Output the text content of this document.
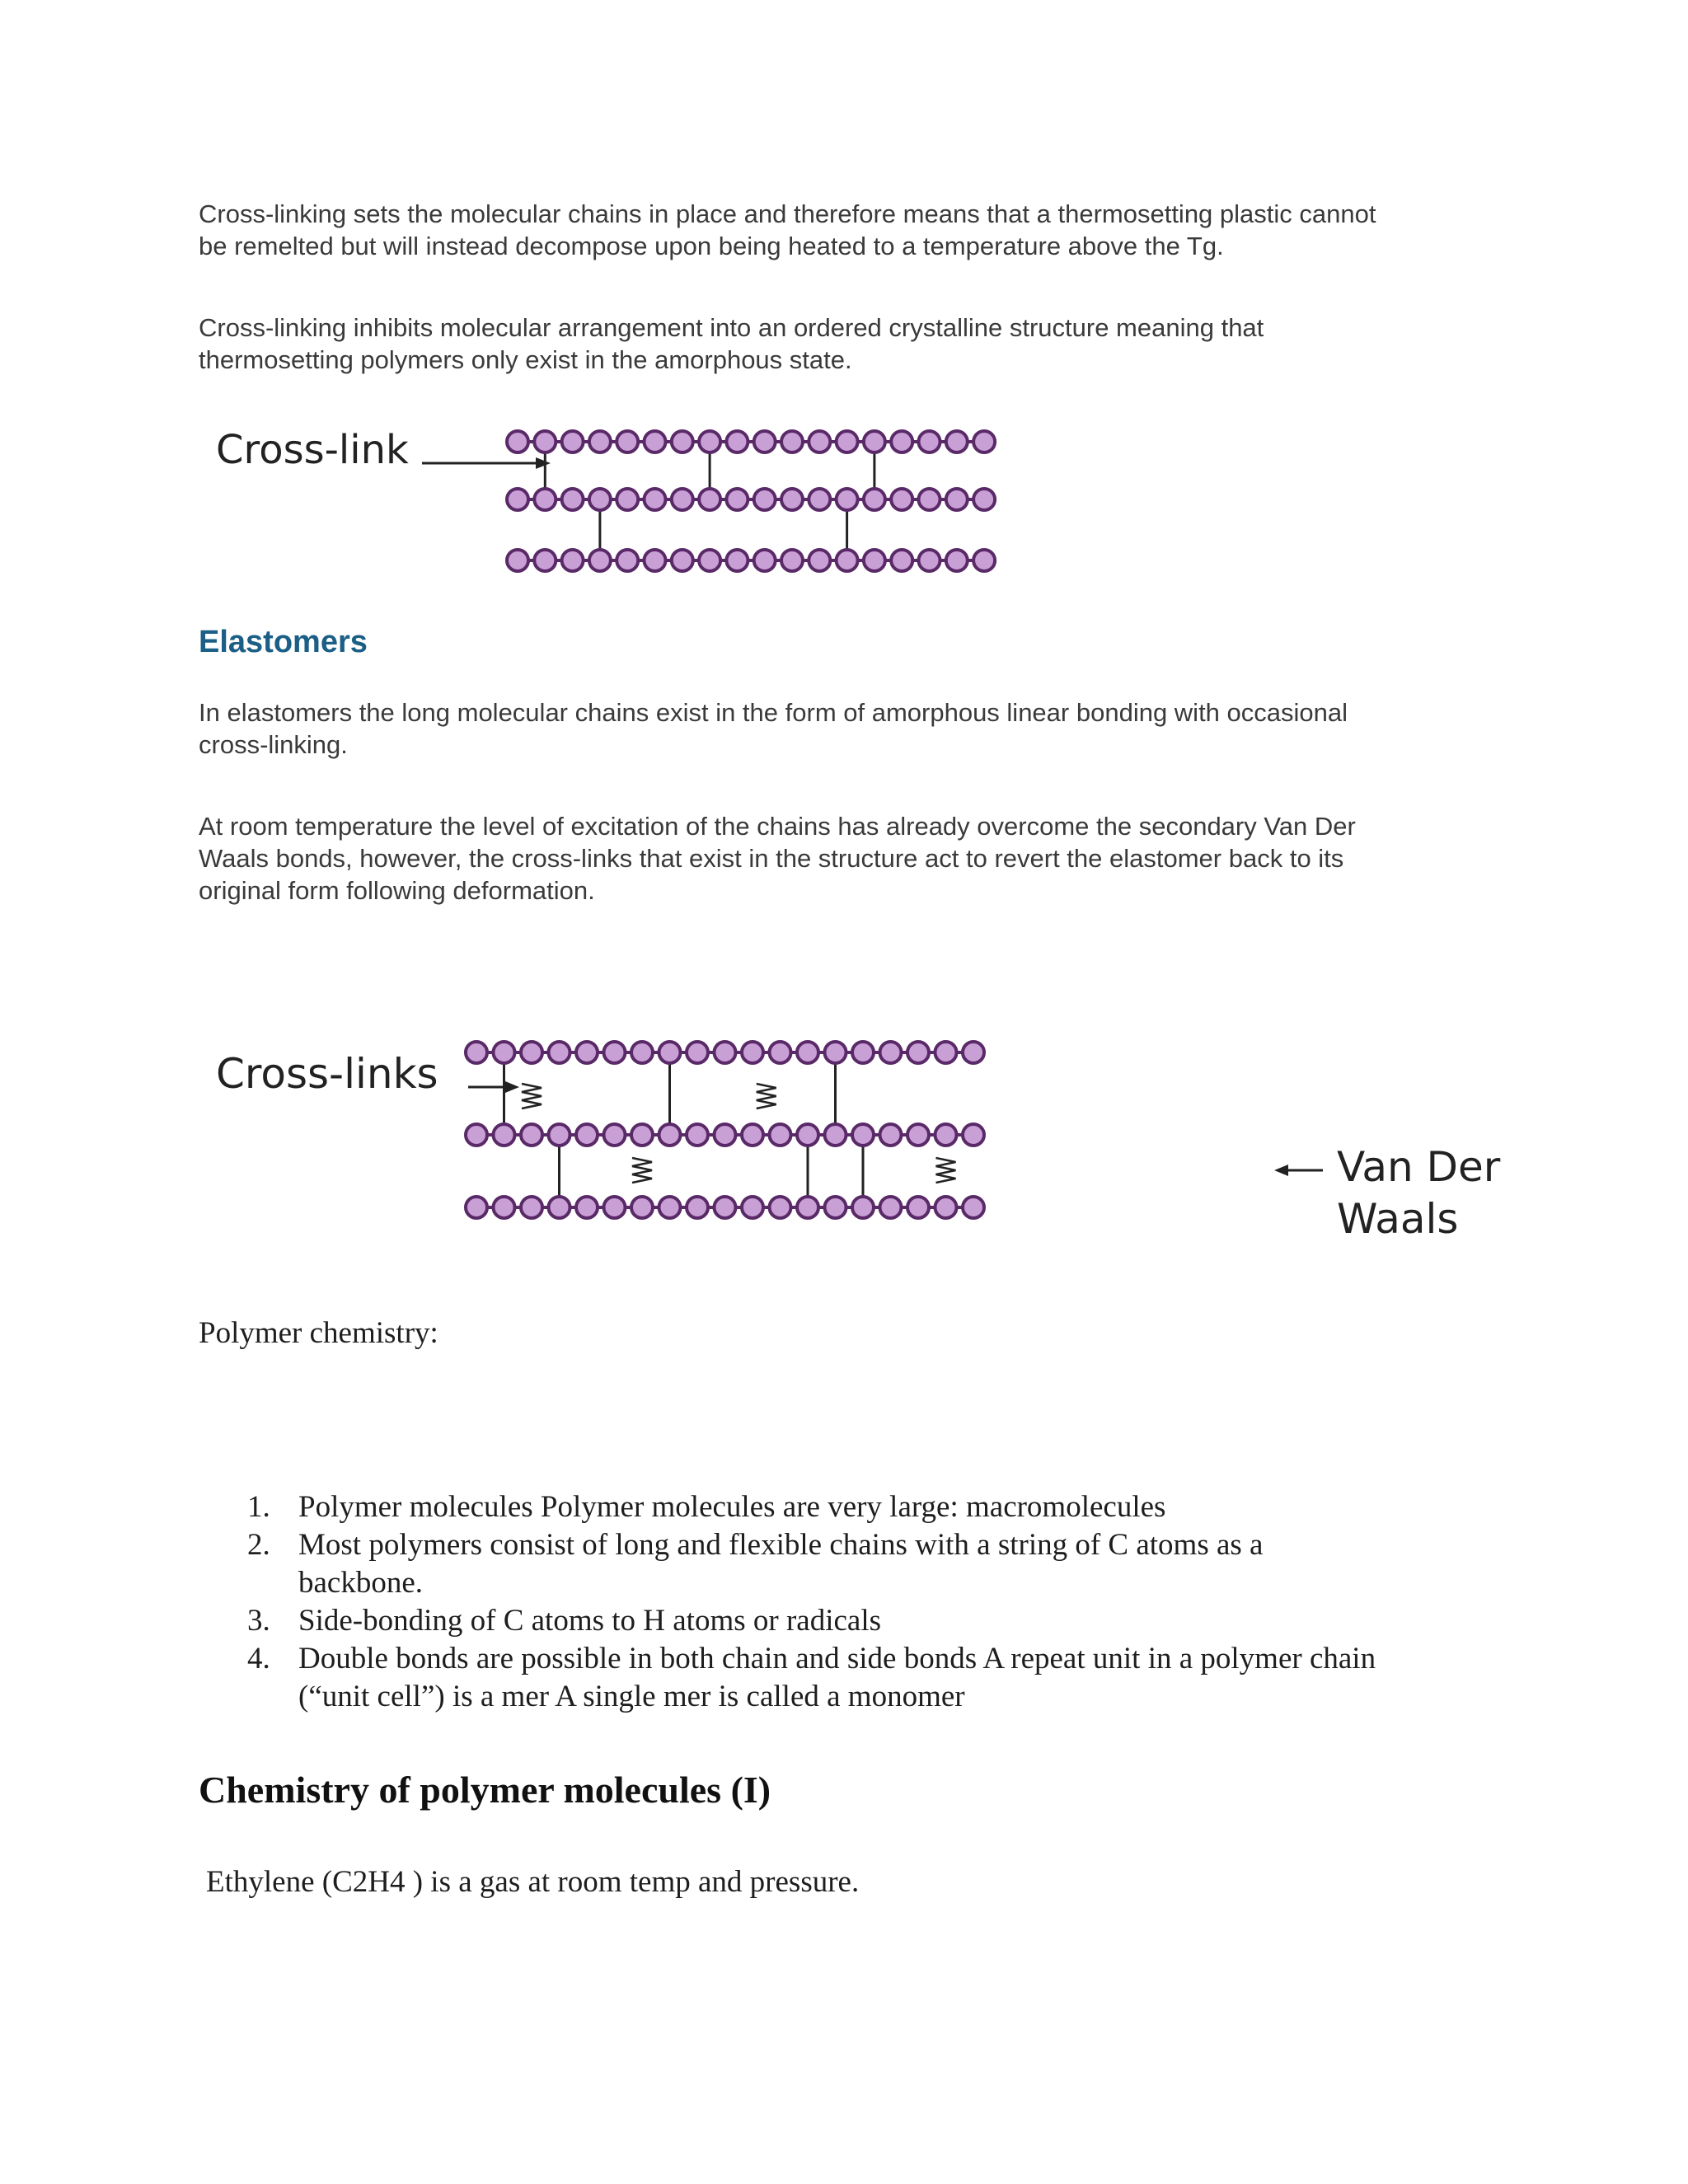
Cross-linking sets the molecular chains in place and therefore means that a thermosetting plastic cannot
be remelted but will instead decompose upon being heated to a temperature above the Tg.

Cross-linking inhibits molecular arrangement into an ordered crystalline structure meaning that
thermosetting polymers only exist in the amorphous state.

Cross-link
Elastomers

In elastomers the long molecular chains exist in the form of amorphous linear bonding with occasional
cross-linking.

At room temperature the level of excitation of the chains has already overcome the secondary Van Der
Waals bonds, however, the cross-links that exist in the structure act to revert the elastomer back to its
original form following deformation.

Cross-links
Van Der
Waals

Polymer chemistry:

1. Polymer molecules Polymer molecules are very large: macromolecules
2. Most polymers consist of long and flexible chains with a string of C atoms as a
backbone.
3. Side-bonding of C atoms to H atoms or radicals
4. Double bonds are possible in both chain and side bonds A repeat unit in a polymer chain
(“unit cell”) is a mer A single mer is called a monomer
Chemistry of polymer molecules (I)

Ethylene (C2H4 ) is a gas at room temp and pressure.
